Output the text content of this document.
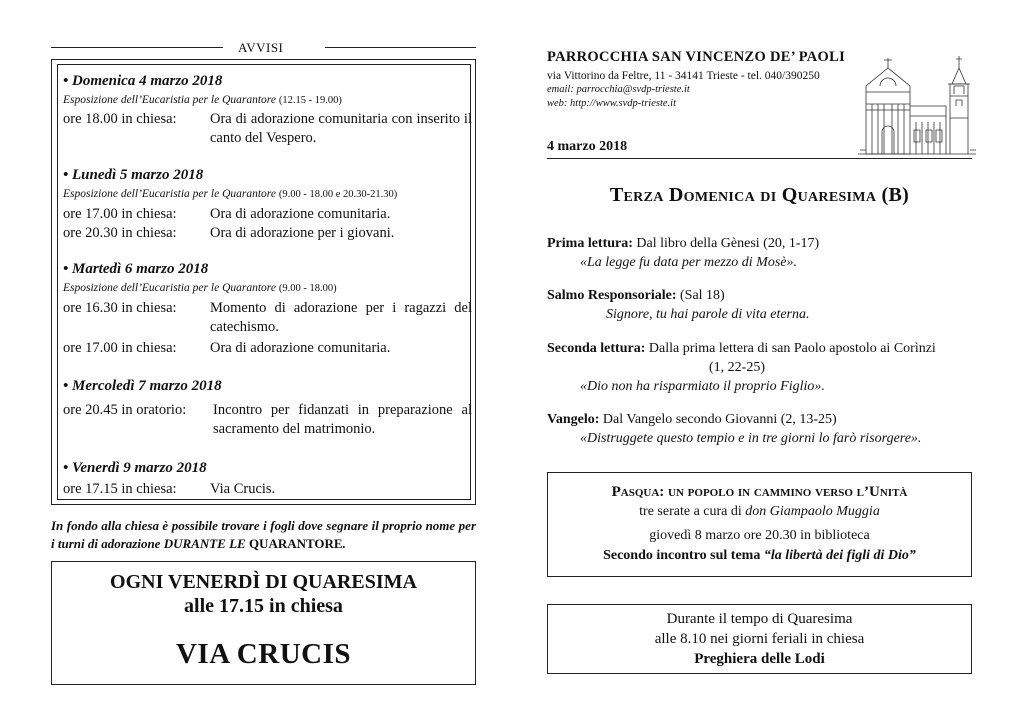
AVVISI
• Domenica 4 marzo 2018
Esposizione dell’Eucaristia per le Quarantore (12.15 - 19.00)
ore 18.00 in chiesa:	Ora di adorazione comunitaria con inserito il canto del Vespero.
• Lunedì 5 marzo 2018
Esposizione dell’Eucaristia per le Quarantore (9.00 - 18.00 e 20.30-21.30)
ore 17.00 in chiesa:	Ora di adorazione comunitaria.
ore 20.30 in chiesa:	Ora di adorazione per i giovani.
• Martedì 6 marzo 2018
Esposizione dell’Eucaristia per le Quarantore (9.00 - 18.00)
ore 16.30 in chiesa:	Momento di adorazione per i ragazzi del catechismo.
ore 17.00 in chiesa:	Ora di adorazione comunitaria.
• Mercoledì 7 marzo 2018
ore 20.45 in oratorio:	Incontro per fidanzati in preparazione al sacramento del matrimonio.
• Venerdì 9 marzo 2018
ore 17.15 in chiesa:	Via Crucis.
In fondo alla chiesa è possibile trovare i fogli dove segnare il proprio nome per i turni di adorazione DURANTE LE QUARANTORE.
OGNI VENERDÌ DI QUARESIMA
alle 17.15 in chiesa
VIA CRUCIS
PARROCCHIA SAN VINCENZO DE’ PAOLI
via Vittorino da Feltre, 11 - 34141 Trieste - tel. 040/390250
email: parrocchia@svdp-trieste.it
web: http://www.svdp-trieste.it
4 marzo 2018
Terza Domenica di Quaresima (B)
Prima lettura: Dal libro della Gènesi (20, 1-17)
«La legge fu data per mezzo di Mosè».
Salmo Responsoriale: (Sal 18)
Signore, tu hai parole di vita eterna.
Seconda lettura: Dalla prima lettera di san Paolo apostolo ai Corìnzi
(1, 22-25)
«Dio non ha risparmiato il proprio Figlio».
Vangelo: Dal Vangelo secondo Giovanni (2, 13-25)
«Distruggete questo tempio e in tre giorni lo farò risorgere».
Pasqua: un popolo in cammino verso l’Unità
tre serate a cura di don Giampaolo Muggia
giovedì 8 marzo ore 20.30 in biblioteca
Secondo incontro sul tema “la libertà dei figli di Dio”
Durante il tempo di Quaresima
alle 8.10 nei giorni feriali in chiesa
Preghiera delle Lodi
